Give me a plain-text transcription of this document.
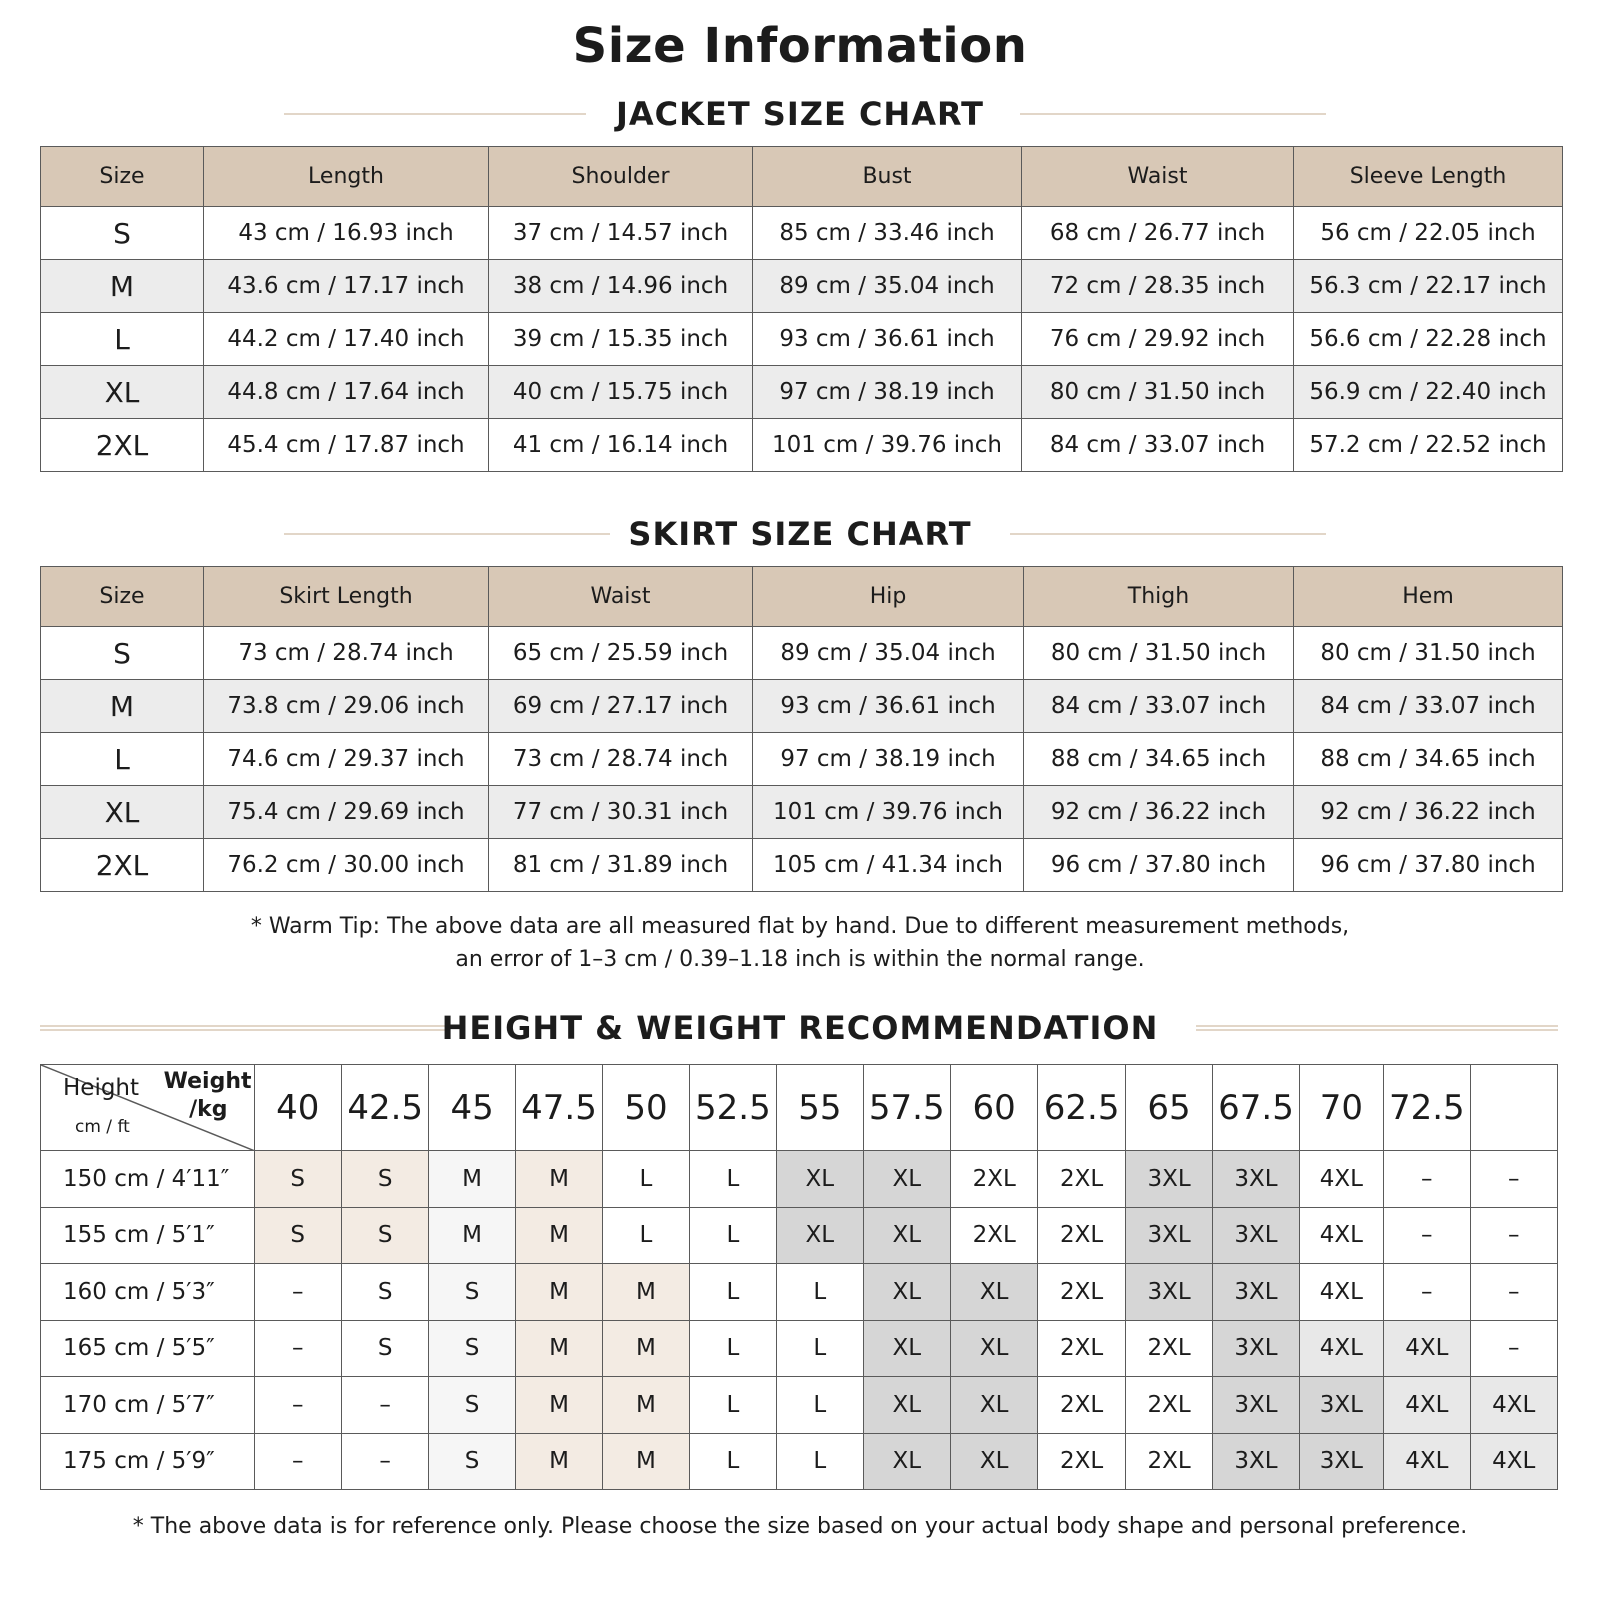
Size Information
JACKET SIZE CHART
Size	Length	Shoulder	Bust	Waist	Sleeve Length
S	43 cm / 16.93 inch	37 cm / 14.57 inch	85 cm / 33.46 inch	68 cm / 26.77 inch	56 cm / 22.05 inch
M	43.6 cm / 17.17 inch	38 cm / 14.96 inch	89 cm / 35.04 inch	72 cm / 28.35 inch	56.3 cm / 22.17 inch
L	44.2 cm / 17.40 inch	39 cm / 15.35 inch	93 cm / 36.61 inch	76 cm / 29.92 inch	56.6 cm / 22.28 inch
XL	44.8 cm / 17.64 inch	40 cm / 15.75 inch	97 cm / 38.19 inch	80 cm / 31.50 inch	56.9 cm / 22.40 inch
2XL	45.4 cm / 17.87 inch	41 cm / 16.14 inch	101 cm / 39.76 inch	84 cm / 33.07 inch	57.2 cm / 22.52 inch
SKIRT SIZE CHART
Size	Skirt Length	Waist	Hip	Thigh	Hem
S	73 cm / 28.74 inch	65 cm / 25.59 inch	89 cm / 35.04 inch	80 cm / 31.50 inch	80 cm / 31.50 inch
M	73.8 cm / 29.06 inch	69 cm / 27.17 inch	93 cm / 36.61 inch	84 cm / 33.07 inch	84 cm / 33.07 inch
L	74.6 cm / 29.37 inch	73 cm / 28.74 inch	97 cm / 38.19 inch	88 cm / 34.65 inch	88 cm / 34.65 inch
XL	75.4 cm / 29.69 inch	77 cm / 30.31 inch	101 cm / 39.76 inch	92 cm / 36.22 inch	92 cm / 36.22 inch
2XL	76.2 cm / 30.00 inch	81 cm / 31.89 inch	105 cm / 41.34 inch	96 cm / 37.80 inch	96 cm / 37.80 inch
* Warm Tip: The above data are all measured flat by hand. Due to different measurement methods,
an error of 1–3 cm / 0.39–1.18 inch is within the normal range.
HEIGHT & WEIGHT RECOMMENDATION
Height
cm / ft
Weight
/kg	40	42.5	45	47.5	50	52.5	55	57.5	60	62.5	65	67.5	70	72.5	
150 cm / 4′11″	S	S	M	M	L	L	XL	XL	2XL	2XL	3XL	3XL	4XL	–	–
155 cm / 5′1″	S	S	M	M	L	L	XL	XL	2XL	2XL	3XL	3XL	4XL	–	–
160 cm / 5′3″	–	S	S	M	M	L	L	XL	XL	2XL	3XL	3XL	4XL	–	–
165 cm / 5′5″	–	S	S	M	M	L	L	XL	XL	2XL	2XL	3XL	4XL	4XL	–
170 cm / 5′7″	–	–	S	M	M	L	L	XL	XL	2XL	2XL	3XL	3XL	4XL	4XL
175 cm / 5′9″	–	–	S	M	M	L	L	XL	XL	2XL	2XL	3XL	3XL	4XL	4XL
* The above data is for reference only. Please choose the size based on your actual body shape and personal preference.
